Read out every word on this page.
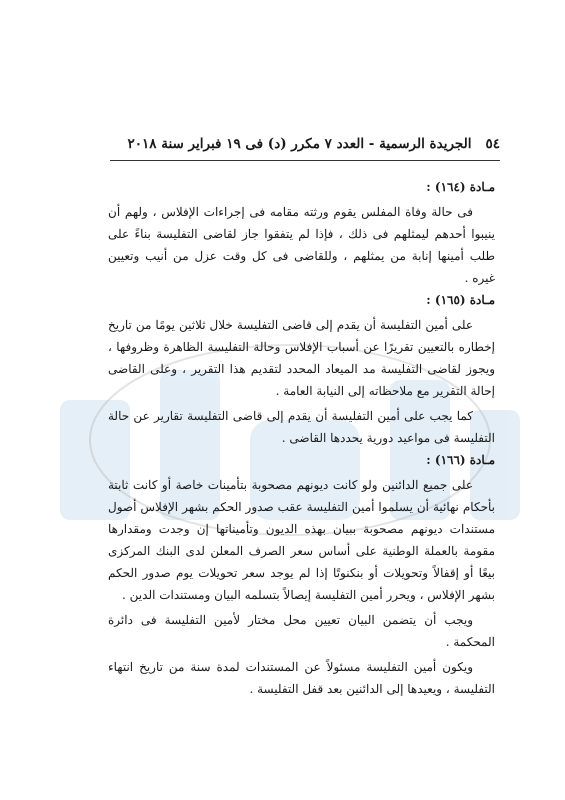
٥٤
الجريدة الرسمية - العدد ٧ مكرر (د) فى ١٩ فبراير سنة ٢٠١٨

مـادة (١٦٤) :

فى حالة وفاة المفلس يقوم ورثته مقامه فى إجراءات الإفلاس ، ولهم أن ينيبوا أحدهم ليمثلهم فى ذلك ، فإذا لم يتفقوا جاز لقاضى التفليسة بناءً على طلب أمينها إنابة من يمثلهم ، وللقاضى فى كل وقت عزل من أنيب وتعيين غيره .

مـادة (١٦٥) :

على أمين التفليسة أن يقدم إلى قاضى التفليسة خلال ثلاثين يومًا من تاريخ إخطاره بالتعيين تقريرًا عن أسباب الإفلاس وحالة التفليسة الظاهرة وظروفها ، ويجوز لقاضى التفليسة مد الميعاد المحدد لتقديم هذا التقرير ، وعلى القاضى إحالة التقرير مع ملاحظاته إلى النيابة العامة .

كما يجب على أمين التفليسة أن يقدم إلى قاضى التفليسة تقارير عن حالة التفليسة فى مواعيد دورية يحددها القاضى .

مـادة (١٦٦) :

على جميع الدائنين ولو كانت ديونهم مصحوبة بتأمينات خاصة أو كانت ثابتة بأحكام نهائية أن يسلموا أمين التفليسة عقب صدور الحكم بشهر الإفلاس أصول مستندات ديونهم مصحوبة ببيان بهذه الديون وتأميناتها إن وجدت ومقدارها مقومة بالعملة الوطنية على أساس سعر الصرف المعلن لدى البنك المركزى بيعًا أو إقفالاً وتحويلات أو بنكنوتًا إذا لم يوجد سعر تحويلات يوم صدور الحكم بشهر الإفلاس ، ويحرر أمين التفليسة إيصالاً بتسلمه البيان ومستندات الدين .

ويجب أن يتضمن البيان تعيين محل مختار لأمين التفليسة فى دائرة المحكمة .

ويكون أمين التفليسة مسئولاً عن المستندات لمدة سنة من تاريخ انتهاء التفليسة ، ويعيدها إلى الدائنين بعد قفل التفليسة .
